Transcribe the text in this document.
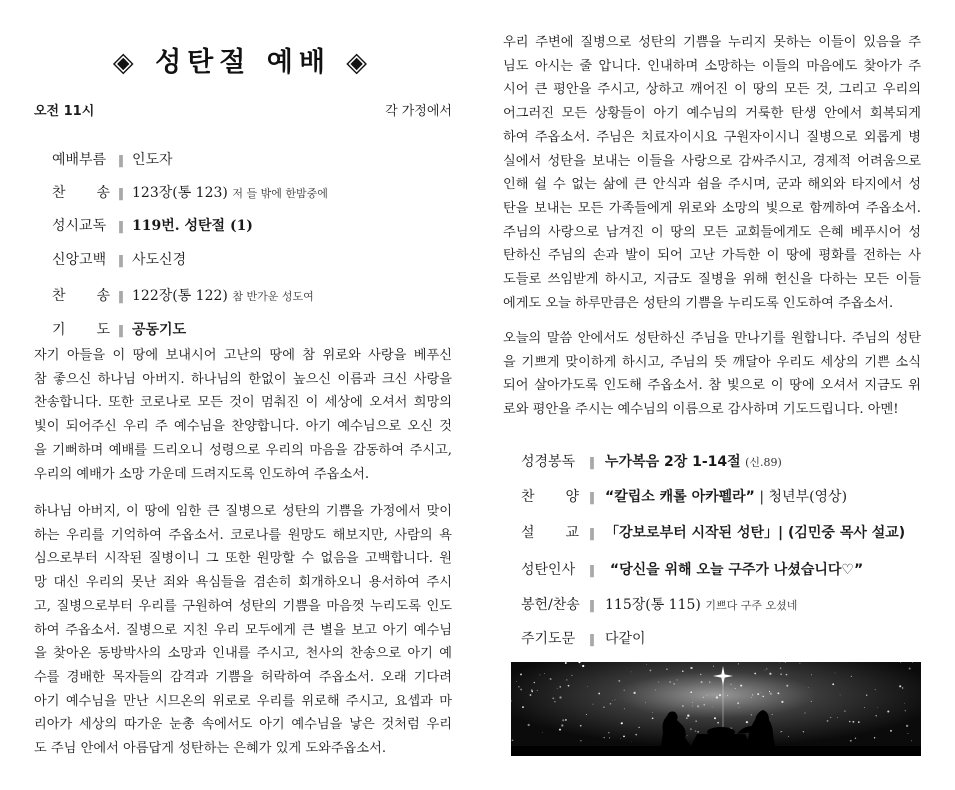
◈ 성탄절 예배 ◈
오전 11시	각 가정에서
예배부름 ‖ 인도자
찬 송 ‖ 123장(통 123) 저 들 밖에 한밤중에
성시교독 ‖ 119번. 성탄절 (1)
신앙고백 ‖ 사도신경
찬 송 ‖ 122장(통 122) 참 반가운 성도여
기 도 ‖ 공동기도

자기 아들을 이 땅에 보내시어 고난의 땅에 참 위로와 사랑을 베푸신
참 좋으신 하나님 아버지. 하나님의 한없이 높으신 이름과 크신 사랑을
찬송합니다. 또한 코로나로 모든 것이 멈춰진 이 세상에 오셔서 희망의
빛이 되어주신 우리 주 예수님을 찬양합니다. 아기 예수님으로 오신 것
을 기뻐하며 예배를 드리오니 성령으로 우리의 마음을 감동하여 주시고,
우리의 예배가 소망 가운데 드려지도록 인도하여 주옵소서.

하나님 아버지, 이 땅에 임한 큰 질병으로 성탄의 기쁨을 가정에서 맞이
하는 우리를 기억하여 주옵소서. 코로나를 원망도 해보지만, 사람의 욕
심으로부터 시작된 질병이니 그 또한 원망할 수 없음을 고백합니다. 원
망 대신 우리의 못난 죄와 욕심들을 겸손히 회개하오니 용서하여 주시
고, 질병으로부터 우리를 구원하여 성탄의 기쁨을 마음껏 누리도록 인도
하여 주옵소서. 질병으로 지친 우리 모두에게 큰 별을 보고 아기 예수님
을 찾아온 동방박사의 소망과 인내를 주시고, 천사의 찬송으로 아기 예
수를 경배한 목자들의 감격과 기쁨을 허락하여 주옵소서. 오래 기다려
아기 예수님을 만난 시므온의 위로로 우리를 위로해 주시고, 요셉과 마
리아가 세상의 따가운 눈총 속에서도 아기 예수님을 낳은 것처럼 우리
도 주님 안에서 아름답게 성탄하는 은혜가 있게 도와주옵소서.

우리 주변에 질병으로 성탄의 기쁨을 누리지 못하는 이들이 있음을 주
님도 아시는 줄 압니다. 인내하며 소망하는 이들의 마음에도 찾아가 주
시어 큰 평안을 주시고, 상하고 깨어진 이 땅의 모든 것, 그리고 우리의
어그러진 모든 상황들이 아기 예수님의 거룩한 탄생 안에서 회복되게
하여 주옵소서. 주님은 치료자이시요 구원자이시니 질병으로 외롭게 병
실에서 성탄을 보내는 이들을 사랑으로 감싸주시고, 경제적 어려움으로
인해 쉴 수 없는 삶에 큰 안식과 쉼을 주시며, 군과 해외와 타지에서 성
탄을 보내는 모든 가족들에게 위로와 소망의 빛으로 함께하여 주옵소서.
주님의 사랑으로 남겨진 이 땅의 모든 교회들에게도 은혜 베푸시어 성
탄하신 주님의 손과 발이 되어 고난 가득한 이 땅에 평화를 전하는 사
도들로 쓰임받게 하시고, 지금도 질병을 위해 헌신을 다하는 모든 이들
에게도 오늘 하루만큼은 성탄의 기쁨을 누리도록 인도하여 주옵소서.

오늘의 말씀 안에서도 성탄하신 주님을 만나기를 원합니다. 주님의 성탄
을 기쁘게 맞이하게 하시고, 주님의 뜻 깨달아 우리도 세상의 기쁜 소식
되어 살아가도록 인도해 주옵소서. 참 빛으로 이 땅에 오셔서 지금도 위
로와 평안을 주시는 예수님의 이름으로 감사하며 기도드립니다. 아멘!

성경봉독 ‖ 누가복음 2장 1-14절 (신.89)
찬 양 ‖ “칼립소 캐롤 아카펠라” | 청년부(영상)
설 교 ‖ 「강보로부터 시작된 성탄」| (김민중 목사 설교)
성탄인사 ‖ “당신을 위해 오늘 구주가 나셨습니다♡”
봉헌/찬송 ‖ 115장(통 115) 기쁘다 구주 오셨네
주기도문 ‖ 다같이
